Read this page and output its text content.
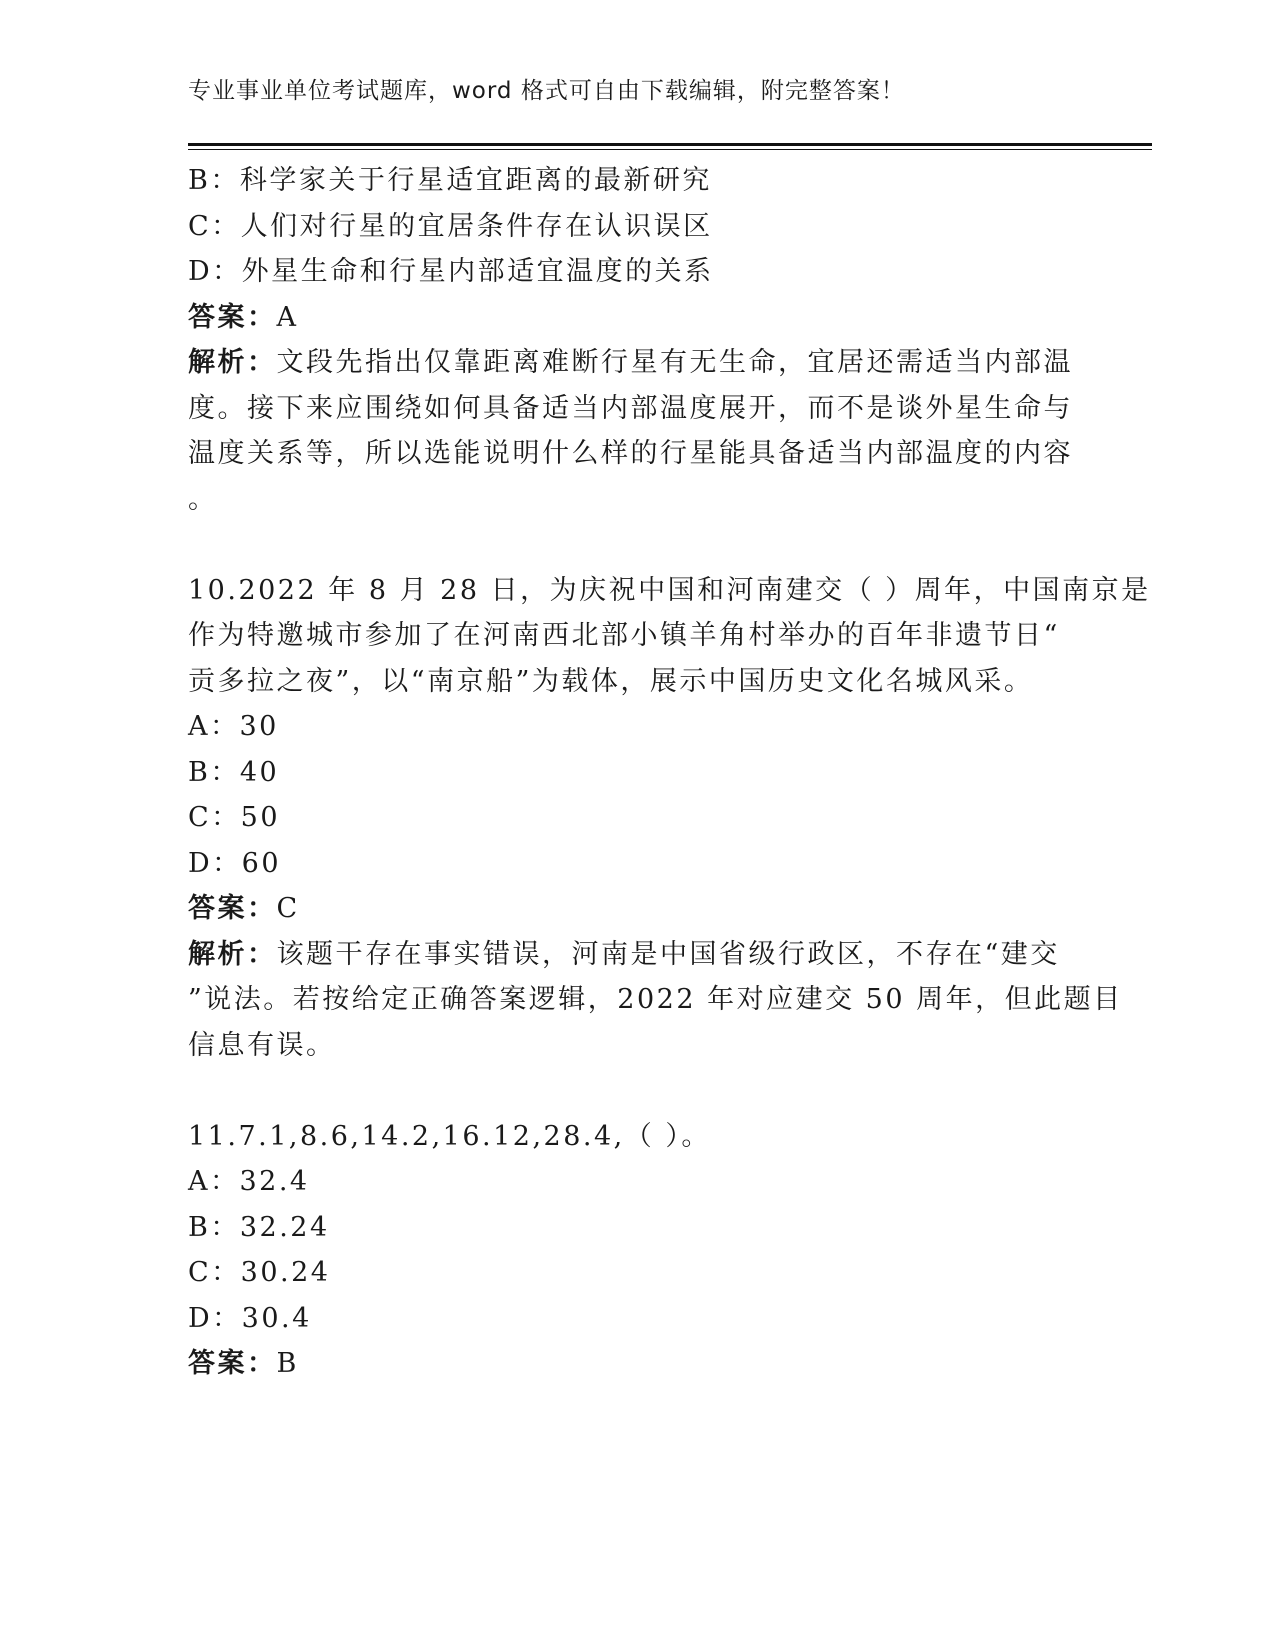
专业事业单位考试题库，word 格式可自由下载编辑，附完整答案！
B：科学家关于行星适宜距离的最新研究
C：人们对行星的宜居条件存在认识误区
D：外星生命和行星内部适宜温度的关系
答案：A
解析：文段先指出仅靠距离难断行星有无生命，宜居还需适当内部温
度。接下来应围绕如何具备适当内部温度展开，而不是谈外星生命与
温度关系等，所以选能说明什么样的行星能具备适当内部温度的内容
。
10.2022 年 8 月 28 日，为庆祝中国和河南建交（ ）周年，中国南京是
作为特邀城市参加了在河南西北部小镇羊角村举办的百年非遗节日“
贡多拉之夜”，以“南京船”为载体，展示中国历史文化名城风采。
A：30
B：40
C：50
D：60
答案：C
解析：该题干存在事实错误，河南是中国省级行政区，不存在“建交
”说法。若按给定正确答案逻辑，2022 年对应建交 50 周年，但此题目
信息有误。
11.7.1,8.6,14.2,16.12,28.4,（ ）。
A：32.4
B：32.24
C：30.24
D：30.4
答案：B
